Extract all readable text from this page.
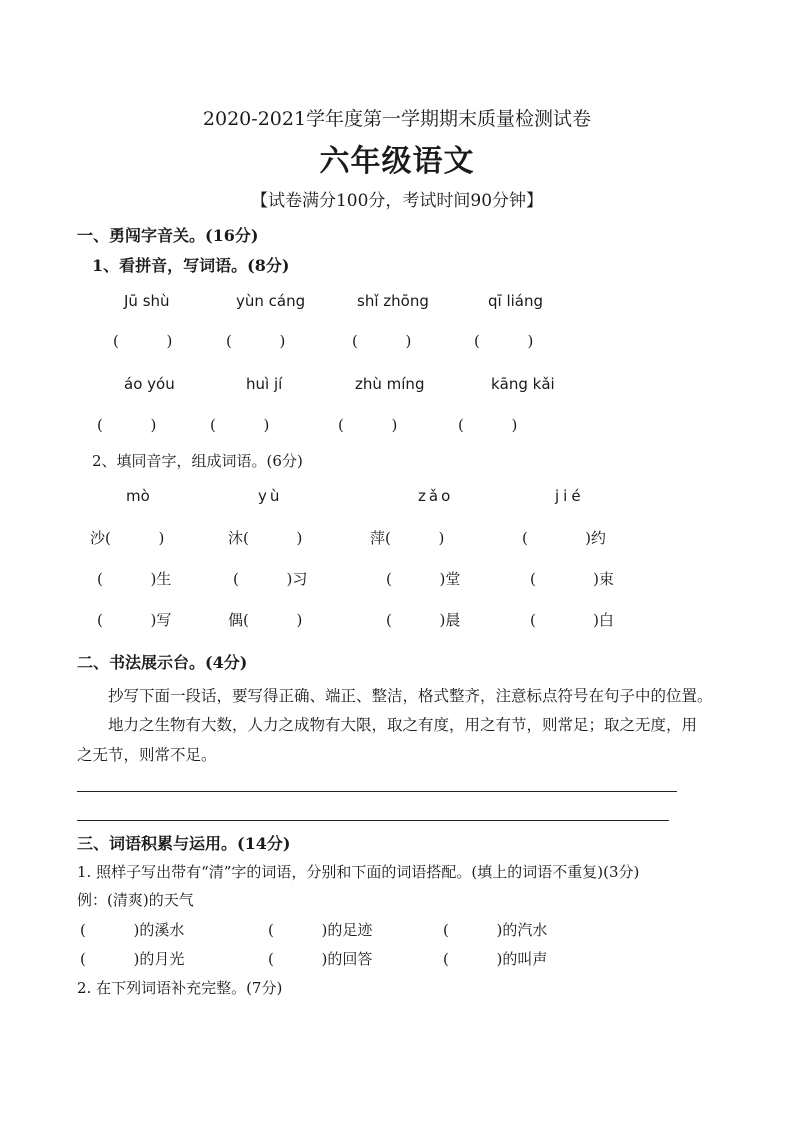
2020-2021学年度第一学期期末质量检测试卷
六年级语文
【试卷满分100分，考试时间90分钟】
一、勇闯字音关。(16分)
1、看拼音，写词语。(8分)
Jū shù	yùn cáng	shǐ zhōng	qī liáng
(          )	(          )	(          )	(          )
áo yóu	huì jí	zhù míng	kāng kǎi
(          )	(          )	(          )	(          )
2、填同音字，组成词语。(6分)
mò	yù	zǎo	jié
沙(          )	沐(          )	萍(          )	(            )约
(          )生	(          )习	(          )堂	(            )束
(          )写	偶(          )	(          )晨	(            )白
二、书法展示台。(4分)
抄写下面一段话，要写得正确、端正、整洁，格式整齐，注意标点符号在句子中的位置。
地力之生物有大数，人力之成物有大限，取之有度，用之有节，则常足；取之无度，用
之无节，则常不足。
三、词语积累与运用。(14分)
1. 照样子写出带有“清”字的词语，分别和下面的词语搭配。(填上的词语不重复)(3分)
例：(清爽)的天气
(          )的溪水	(          )的足迹	(          )的汽水
(          )的月光	(          )的回答	(          )的叫声
2. 在下列词语补充完整。(7分)
